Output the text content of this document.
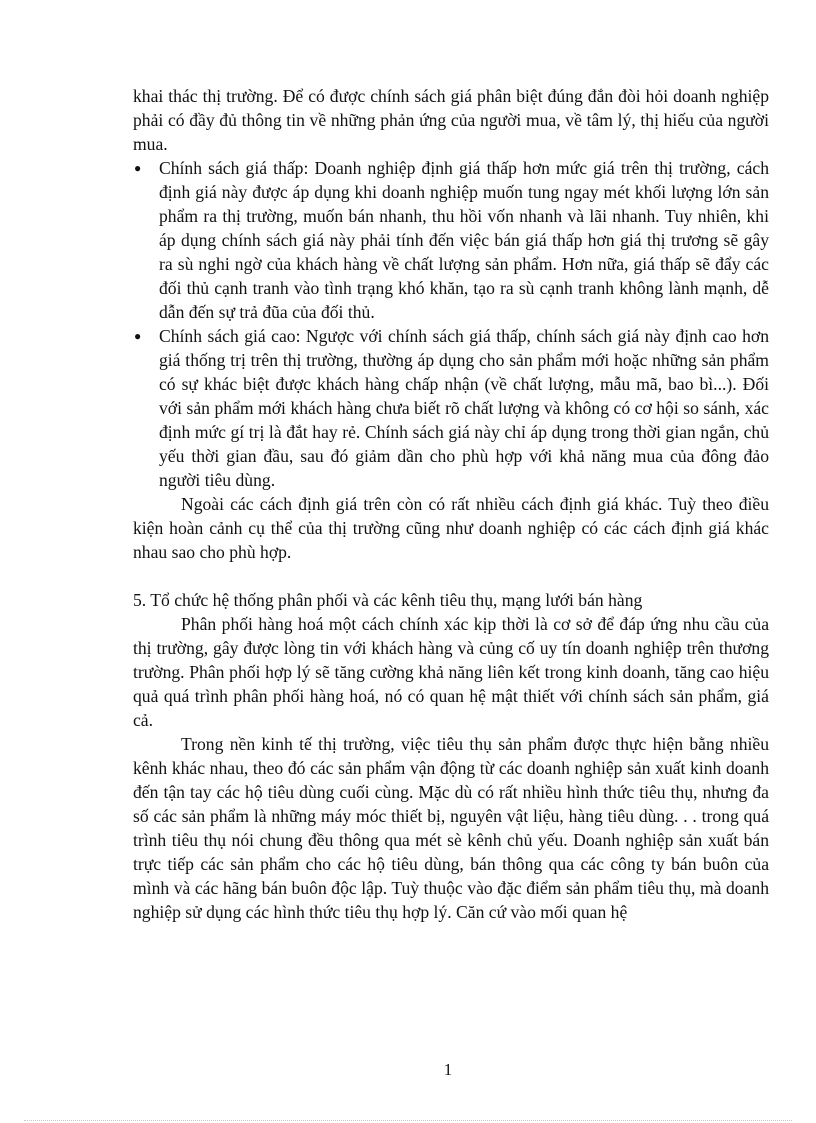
khai thác thị trường. Để có được chính sách giá phân biệt đúng đắn đòi hỏi doanh nghiệp phải có đầy đủ thông tin về những phản ứng của người mua, về tâm lý, thị hiếu của người mua.

● Chính sách giá thấp: Doanh nghiệp định giá thấp hơn mức giá trên thị trường, cách định giá này được áp dụng khi doanh nghiệp muốn tung ngay mét khối lượng lớn sản phẩm ra thị trường, muốn bán nhanh, thu hồi vốn nhanh và lãi nhanh. Tuy nhiên, khi áp dụng chính sách giá này phải tính đến việc bán giá thấp hơn giá thị trương sẽ gây ra sù nghi ngờ của khách hàng về chất lượng sản phẩm. Hơn nữa, giá thấp sẽ đẩy các đối thủ cạnh tranh vào tình trạng khó khăn, tạo ra sù cạnh tranh không lành mạnh, dễ dẫn đến sự trả đũa của đối thủ.
● Chính sách giá cao: Ngược với chính sách giá thấp, chính sách giá này định cao hơn giá thống trị trên thị trường, thường áp dụng cho sản phẩm mới hoặc những sản phẩm có sự khác biệt được khách hàng chấp nhận (về chất lượng, mẫu mã, bao bì...). Đối với sản phẩm mới khách hàng chưa biết rõ chất lượng và không có cơ hội so sánh, xác định mức gí trị là đắt hay rẻ. Chính sách giá này chỉ áp dụng trong thời gian ngắn, chủ yếu thời gian đầu, sau đó giảm dần cho phù hợp với khả năng mua của đông đảo người tiêu dùng.

Ngoài các cách định giá trên còn có rất nhiều cách định giá khác. Tuỳ theo điều kiện hoàn cảnh cụ thể của thị trường cũng như doanh nghiệp có các cách định giá khác nhau sao cho phù hợp.

5. Tổ chức hệ thống phân phối và các kênh tiêu thụ, mạng lưới bán hàng

Phân phối hàng hoá một cách chính xác kịp thời là cơ sở để đáp ứng nhu cầu của thị trường, gây được lòng tin với khách hàng và củng cố uy tín doanh nghiệp trên thương trường. Phân phối hợp lý sẽ tăng cường khả năng liên kết trong kinh doanh, tăng cao hiệu quả quá trình phân phối hàng hoá, nó có quan hệ mật thiết với chính sách sản phẩm, giá cả.

Trong nền kinh tế thị trường, việc tiêu thụ sản phẩm được thực hiện bằng nhiều kênh khác nhau, theo đó các sản phẩm vận động từ các doanh nghiệp sản xuất kinh doanh đến tận tay các hộ tiêu dùng cuối cùng. Mặc dù có rất nhiều hình thức tiêu thụ, nhưng đa số các sản phẩm là những máy móc thiết bị, nguyên vật liệu, hàng tiêu dùng. . . trong quá trình tiêu thụ nói chung đều thông qua mét sè kênh chủ yếu. Doanh nghiệp sản xuất bán trực tiếp các sản phẩm cho các hộ tiêu dùng, bán thông qua các công ty bán buôn của mình và các hãng bán buôn độc lập. Tuỳ thuộc vào đặc điểm sản phẩm tiêu thụ, mà doanh nghiệp sử dụng các hình thức tiêu thụ hợp lý. Căn cứ vào mối quan hệ

1
